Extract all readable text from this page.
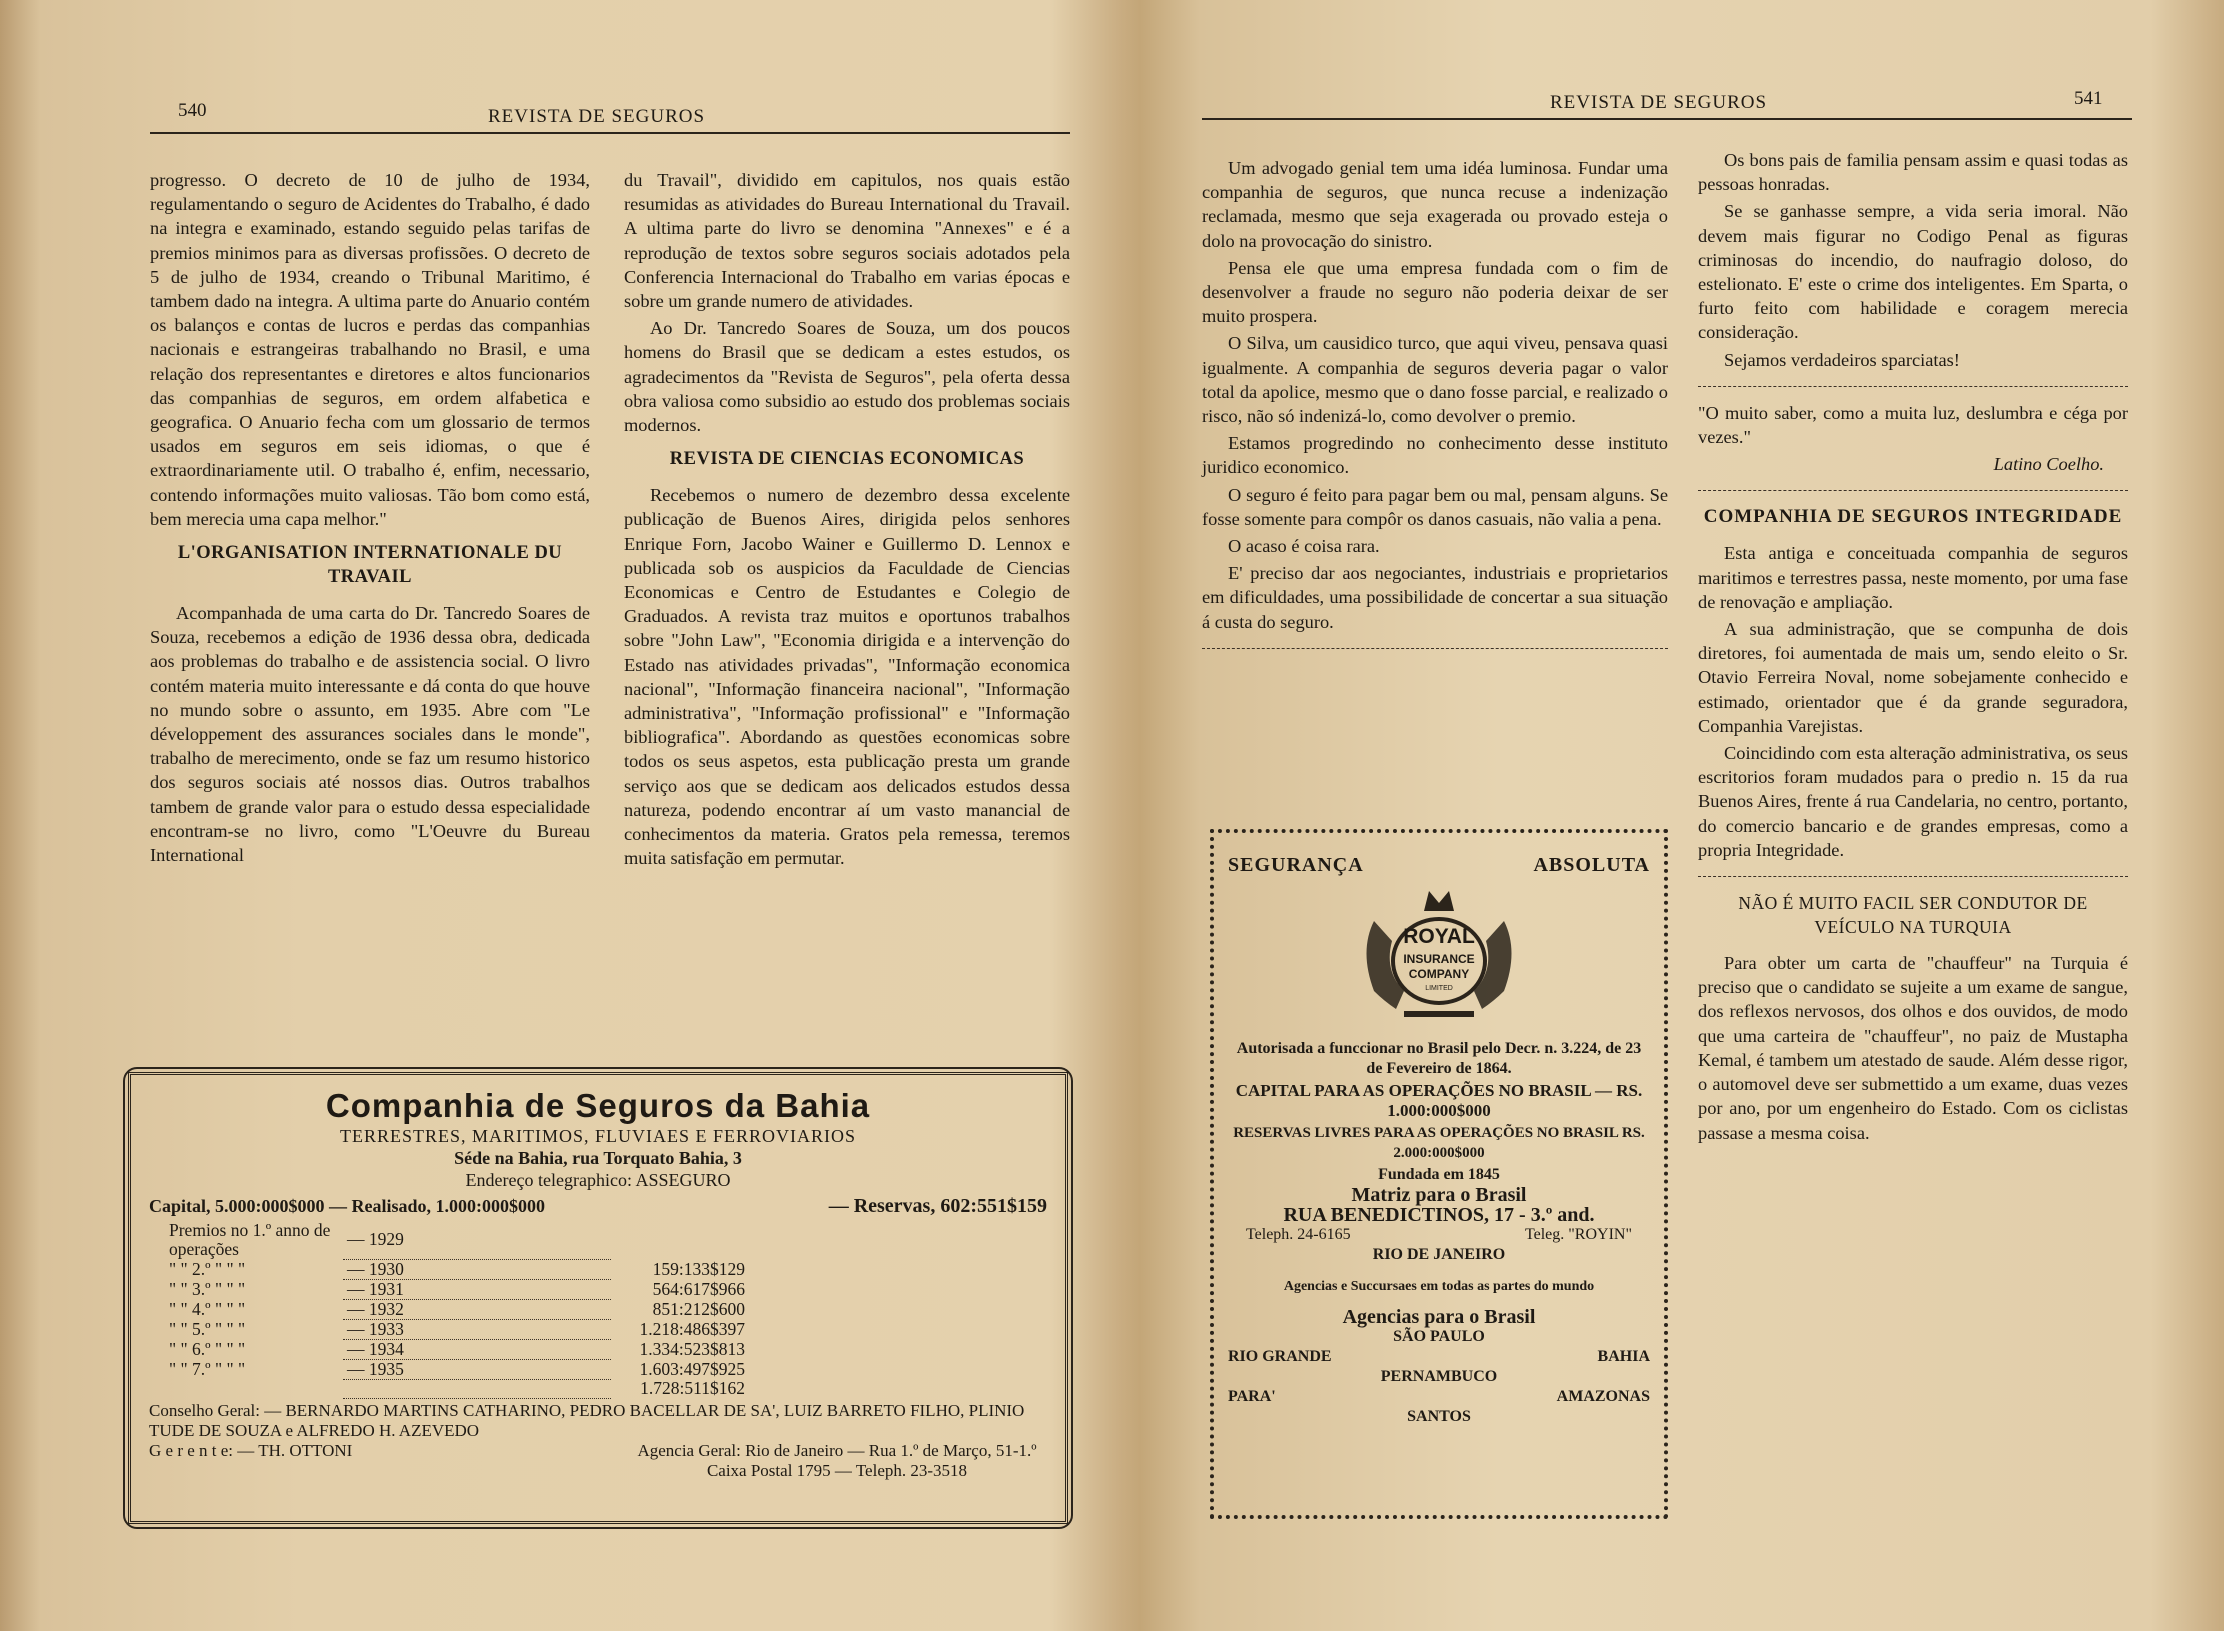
540	REVISTA DE SEGUROS

progresso. O decreto de 10 de julho de 1934, regulamentando o seguro de Acidentes do Trabalho, é dado na integra e examinado, estando seguido pelas tarifas de premios minimos para as diversas profissões. O decreto de 5 de julho de 1934, creando o Tribunal Maritimo, é tambem dado na integra. A ultima parte do Anuario contém os balanços e contas de lucros e perdas das companhias nacionais e estrangeiras trabalhando no Brasil, e uma relação dos representantes e diretores e altos funcionarios das companhias de seguros, em ordem alfabetica e geografica. O Anuario fecha com um glossario de termos usados em seguros em seis idiomas, o que é extraordinariamente util. O trabalho é, enfim, necessario, contendo informações muito valiosas. Tão bom como está, bem merecia uma capa melhor."

L'ORGANISATION INTERNATIONALE DU TRAVAIL

Acompanhada de uma carta do Dr. Tancredo Soares de Souza, recebemos a edição de 1936 dessa obra, dedicada aos problemas do trabalho e de assistencia social. O livro contém materia muito interessante e dá conta do que houve no mundo sobre o assunto, em 1935. Abre com "Le développement des assurances sociales dans le monde", trabalho de merecimento, onde se faz um resumo historico dos seguros sociais até nossos dias. Outros trabalhos tambem de grande valor para o estudo dessa especialidade encontram-se no livro, como "L'Oeuvre du Bureau International

du Travail", dividido em capitulos, nos quais estão resumidas as atividades do Bureau International du Travail. A ultima parte do livro se denomina "Annexes" e é a reprodução de textos sobre seguros sociais adotados pela Conferencia Internacional do Trabalho em varias épocas e sobre um grande numero de atividades.

Ao Dr. Tancredo Soares de Souza, um dos poucos homens do Brasil que se dedicam a estes estudos, os agradecimentos da "Revista de Seguros", pela oferta dessa obra valiosa como subsidio ao estudo dos problemas sociais modernos.

REVISTA DE CIENCIAS ECONOMICAS

Recebemos o numero de dezembro dessa excelente publicação de Buenos Aires, dirigida pelos senhores Enrique Forn, Jacobo Wainer e Guillermo D. Lennox e publicada sob os auspicios da Faculdade de Ciencias Economicas e Centro de Estudantes e Colegio de Graduados. A revista traz muitos e oportunos trabalhos sobre "John Law", "Economia dirigida e a intervenção do Estado nas atividades privadas", "Informação economica nacional", "Informação financeira nacional", "Informação administrativa", "Informação profissional" e "Informação bibliografica". Abordando as questões economicas sobre todos os seus aspetos, esta publicação presta um grande serviço aos que se dedicam aos delicados estudos dessa natureza, podendo encontrar aí um vasto manancial de conhecimentos da materia. Gratos pela remessa, teremos muita satisfação em permutar.

Companhia de Seguros da Bahia
TERRESTRES, MARITIMOS, FLUVIAES E FERROVIARIOS
Séde na Bahia, rua Torquato Bahia, 3
Endereço telegraphico: ASSEGURO
Capital, 5.000:000$000 — Realisado, 1.000:000$000	— Reservas, 602:551$159
Premios no 1.º anno de operações	— 1929	
" " 2.º " " "	— 1930	159:133$129
" " 3.º " " "	— 1931	564:617$966
" " 4.º " " "	— 1932	851:212$600
" " 5.º " " "	— 1933	1.218:486$397
" " 6.º " " "	— 1934	1.334:523$813
" " 7.º " " "	— 1935	1.603:497$925
		1.728:511$162
Conselho Geral: — BERNARDO MARTINS CATHARINO, PEDRO BACELLAR DE SA', LUIZ BARRETO FILHO, PLINIO TUDE DE SOUZA e ALFREDO H. AZEVEDO
G e r e n t e: — TH. OTTONI	Agencia Geral: Rio de Janeiro — Rua 1.º de Março, 51-1.º
Caixa Postal 1795 — Teleph. 23-3518
REVISTA DE SEGUROS	541

Um advogado genial tem uma idéa luminosa. Fundar uma companhia de seguros, que nunca recuse a indenização reclamada, mesmo que seja exagerada ou provado esteja o dolo na provocação do sinistro.

Pensa ele que uma empresa fundada com o fim de desenvolver a fraude no seguro não poderia deixar de ser muito prospera.

O Silva, um causidico turco, que aqui viveu, pensava quasi igualmente. A companhia de seguros deveria pagar o valor total da apolice, mesmo que o dano fosse parcial, e realizado o risco, não só indenizá-lo, como devolver o premio.

Estamos progredindo no conhecimento desse instituto juridico economico.

O seguro é feito para pagar bem ou mal, pensam alguns. Se fosse somente para compôr os danos casuais, não valia a pena.

O acaso é coisa rara.

E' preciso dar aos negociantes, industriais e proprietarios em dificuldades, uma possibilidade de concertar a sua situação á custa do seguro.

SEGURANÇA	ABSOLUTA
ROYAL
INSURANCE
COMPANY
LIMITED
Autorisada a funccionar no Brasil pelo Decr. n. 3.224, de 23 de Fevereiro de 1864.
CAPITAL PARA AS OPERAÇÕES NO BRASIL — RS. 1.000:000$000
RESERVAS LIVRES PARA AS OPERAÇÕES NO BRASIL RS. 2.000:000$000
Fundada em 1845
Matriz para o Brasil
RUA BENEDICTINOS, 17 - 3.º and.
Teleph. 24-6165	Teleg. "ROYIN"
RIO DE JANEIRO
Agencias e Succursaes em todas as partes do mundo
Agencias para o Brasil
SÃO PAULO
RIO GRANDE	BAHIA
PERNAMBUCO
PARA'	AMAZONAS
SANTOS

Os bons pais de familia pensam assim e quasi todas as pessoas honradas.

Se se ganhasse sempre, a vida seria imoral. Não devem mais figurar no Codigo Penal as figuras criminosas do incendio, do naufragio doloso, do estelionato. E' este o crime dos inteligentes. Em Sparta, o furto feito com habilidade e coragem merecia consideração.

Sejamos verdadeiros sparciatas!

"O muito saber, como a muita luz, deslumbra e céga por vezes."

Latino Coelho.
COMPANHIA DE SEGUROS INTEGRIDADE

Esta antiga e conceituada companhia de seguros maritimos e terrestres passa, neste momento, por uma fase de renovação e ampliação.

A sua administração, que se compunha de dois diretores, foi aumentada de mais um, sendo eleito o Sr. Otavio Ferreira Noval, nome sobejamente conhecido e estimado, orientador que é da grande seguradora, Companhia Varejistas.

Coincidindo com esta alteração administrativa, os seus escritorios foram mudados para o predio n. 15 da rua Buenos Aires, frente á rua Candelaria, no centro, portanto, do comercio bancario e de grandes empresas, como a propria Integridade.

NÃO É MUITO FACIL SER CONDUTOR DE VEÍCULO NA TURQUIA

Para obter um carta de "chauffeur" na Turquia é preciso que o candidato se sujeite a um exame de sangue, dos reflexos nervosos, dos olhos e dos ouvidos, de modo que uma carteira de "chauffeur", no paiz de Mustapha Kemal, é tambem um atestado de saude. Além desse rigor, o automovel deve ser submettido a um exame, duas vezes por ano, por um engenheiro do Estado. Com os ciclistas passase a mesma coisa.
